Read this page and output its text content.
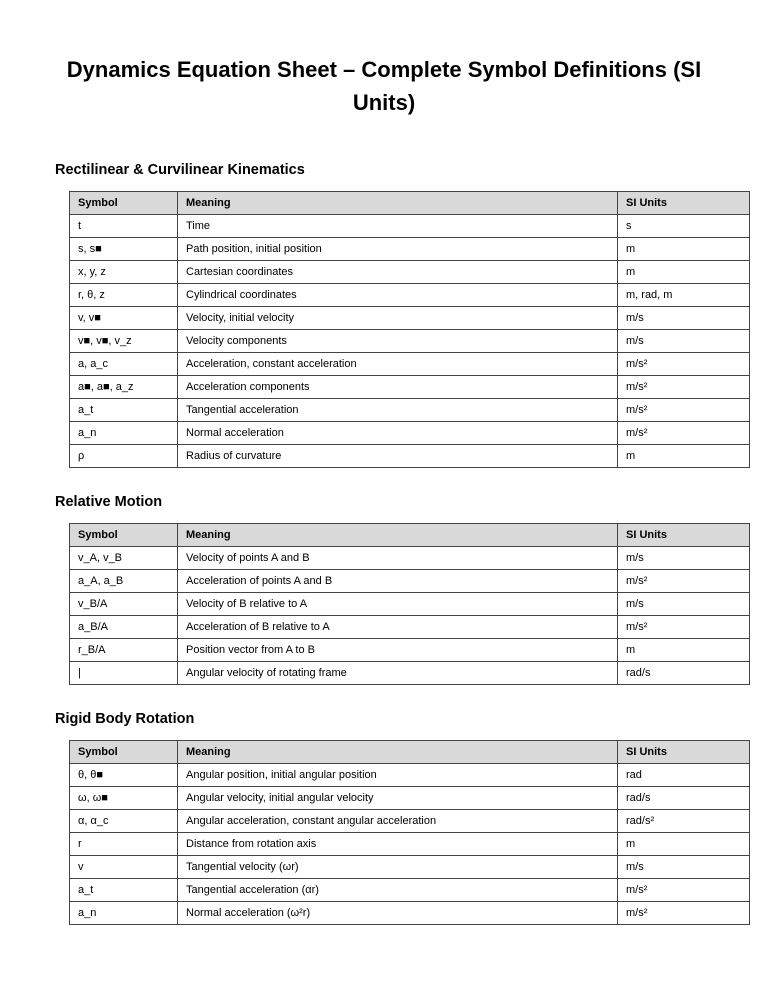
Dynamics Equation Sheet – Complete Symbol Definitions (SI Units)
Rectilinear & Curvilinear Kinematics
Symbol	Meaning	SI Units
t	Time	s
s, s■	Path position, initial position	m
x, y, z	Cartesian coordinates	m
r, θ, z	Cylindrical coordinates	m, rad, m
v, v■	Velocity, initial velocity	m/s
v■, v■, v_z	Velocity components	m/s
a, a_c	Acceleration, constant acceleration	m/s²
a■, a■, a_z	Acceleration components	m/s²
a_t	Tangential acceleration	m/s²
a_n	Normal acceleration	m/s²
ρ	Radius of curvature	m
Relative Motion
Symbol	Meaning	SI Units
v_A, v_B	Velocity of points A and B	m/s
a_A, a_B	Acceleration of points A and B	m/s²
v_B/A	Velocity of B relative to A	m/s
a_B/A	Acceleration of B relative to A	m/s²
r_B/A	Position vector from A to B	m
|	Angular velocity of rotating frame	rad/s
Rigid Body Rotation
Symbol	Meaning	SI Units
θ, θ■	Angular position, initial angular position	rad
ω, ω■	Angular velocity, initial angular velocity	rad/s
α, α_c	Angular acceleration, constant angular acceleration	rad/s²
r	Distance from rotation axis	m
v	Tangential velocity (ωr)	m/s
a_t	Tangential acceleration (αr)	m/s²
a_n	Normal acceleration (ω²r)	m/s²
